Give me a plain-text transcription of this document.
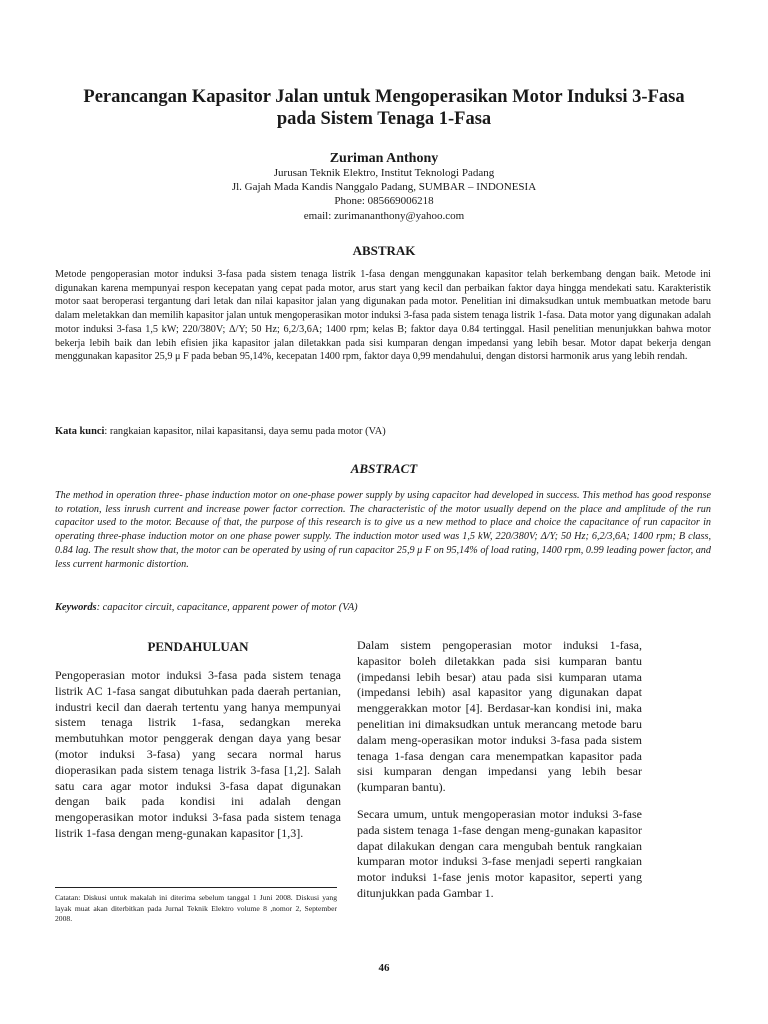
Perancangan Kapasitor Jalan untuk Mengoperasikan Motor Induksi 3-Fasa
pada Sistem Tenaga 1-Fasa
Zuriman Anthony
Jurusan Teknik Elektro, Institut Teknologi Padang
Jl. Gajah Mada Kandis Nanggalo Padang, SUMBAR – INDONESIA
Phone: 085669006218
email: zurimananthony@yahoo.com
ABSTRAK

Metode pengoperasian motor induksi 3-fasa pada sistem tenaga listrik 1-fasa dengan menggunakan kapasitor telah berkembang dengan baik. Metode ini digunakan karena mempunyai respon kecepatan yang cepat pada motor, arus start yang kecil dan perbaikan faktor daya hingga mendekati satu. Karakteristik motor saat beroperasi tergantung dari letak dan nilai kapasitor jalan yang digunakan pada motor. Penelitian ini dimaksudkan untuk membuatkan metode baru dalam meletakkan dan memilih kapasitor jalan untuk mengoperasikan motor induksi 3-fasa pada sistem tenaga listrik 1-fasa. Data motor yang digunakan adalah motor induksi 3-fasa 1,5 kW; 220/380V; Δ/Y; 50 Hz; 6,2/3,6A; 1400 rpm; kelas B; faktor daya 0.84 tertinggal. Hasil penelitian menunjukkan bahwa motor bekerja lebih baik dan lebih efisien jika kapasitor jalan diletakkan pada sisi kumparan dengan impedansi yang lebih besar. Motor dapat bekerja dengan menggunakan kapasitor 25,9 μ F pada beban 95,14%, kecepatan 1400 rpm, faktor daya 0,99 mendahului, dengan distorsi harmonik arus yang lebih rendah.

Kata kunci: rangkaian kapasitor, nilai kapasitansi, daya semu pada motor (VA)

ABSTRACT

The method in operation three- phase induction motor on one-phase power supply by using capacitor had developed in success. This method has good response to rotation, less inrush current and increase power factor correction. The characteristic of the motor usually depend on the place and amplitude of the run capacitor used to the motor. Because of that, the purpose of this research is to give us a new method to place and choice the capacitance of run capacitor in operating three-phase induction motor on one phase power supply. The induction motor used was 1,5 kW, 220/380V; Δ/Y; 50 Hz; 6,2/3,6A; 1400 rpm; B class, 0.84 lag. The result show that, the motor can be operated by using of run capacitor 25,9 μ F on 95,14% of load rating, 1400 rpm, 0.99 leading power factor, and less current harmonic distortion.

Keywords: capacitor circuit, capacitance, apparent power of motor (VA)

PENDAHULUAN

Pengoperasian motor induksi 3-fasa pada sistem tenaga listrik AC 1-fasa sangat dibutuhkan pada daerah pertanian, industri kecil dan daerah tertentu yang hanya mempunyai sistem tenaga listrik 1-fasa, sedangkan mereka membutuhkan motor penggerak dengan daya yang besar (motor induksi 3-fasa) yang secara normal harus dioperasikan pada sistem tenaga listrik 3-fasa [1,2]. Salah satu cara agar motor induksi 3-fasa dapat digunakan dengan baik pada kondisi ini adalah dengan mengoperasikan motor induksi 3-fasa pada sistem tenaga listrik 1-fasa dengan meng-gunakan kapasitor [1,3].

Dalam sistem pengoperasian motor induksi 1-fasa, kapasitor boleh diletakkan pada sisi kumparan bantu (impedansi lebih besar) atau pada sisi kumparan utama (impedansi lebih) asal kapasitor yang digunakan dapat menggerakkan motor [4]. Berdasar-kan kondisi ini, maka penelitian ini dimaksudkan untuk merancang metode baru dalam meng-operasikan motor induksi 3-fasa pada sistem tenaga 1-fasa dengan cara menempatkan kapasitor pada sisi kumparan dengan impedansi yang lebih besar (kumparan bantu).

Secara umum, untuk mengoperasian motor induksi 3-fase pada sistem tenaga 1-fase dengan meng-gunakan kapasitor dapat dilakukan dengan cara mengubah bentuk rangkaian kumparan motor induksi 3-fase menjadi seperti rangkaian motor induksi 1-fase jenis motor kapasitor, seperti yang ditunjukkan pada Gambar 1.

Catatan: Diskusi untuk makalah ini diterima sebelum tanggal 1 Juni 2008. Diskusi yang layak muat akan diterbitkan pada Jurnal Teknik Elektro volume 8 ,nomor 2, September 2008.
46
